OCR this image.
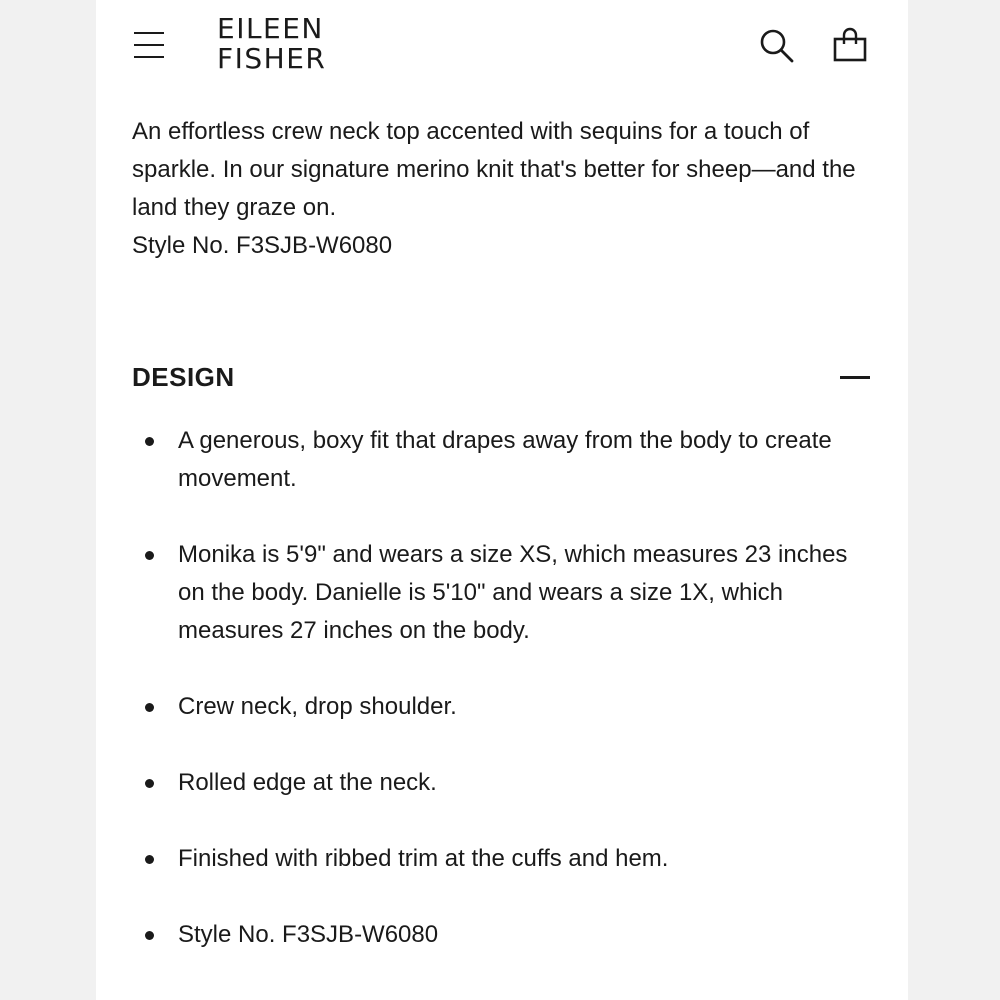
EILEEN
FISHER

An effortless crew neck top accented with sequins for a touch of sparkle. In our signature merino knit that's better for sheep—and the land they graze on.

Style No. F3SJB-W6080

DESIGN
A generous, boxy fit that drapes away from the body to create movement.
Monika is 5'9" and wears a size XS, which measures 23 inches on the body. Danielle is 5'10" and wears a size 1X, which measures 27 inches on the body.
Crew neck, drop shoulder.
Rolled edge at the neck.
Finished with ribbed trim at the cuffs and hem.
Style No. F3SJB-W6080
